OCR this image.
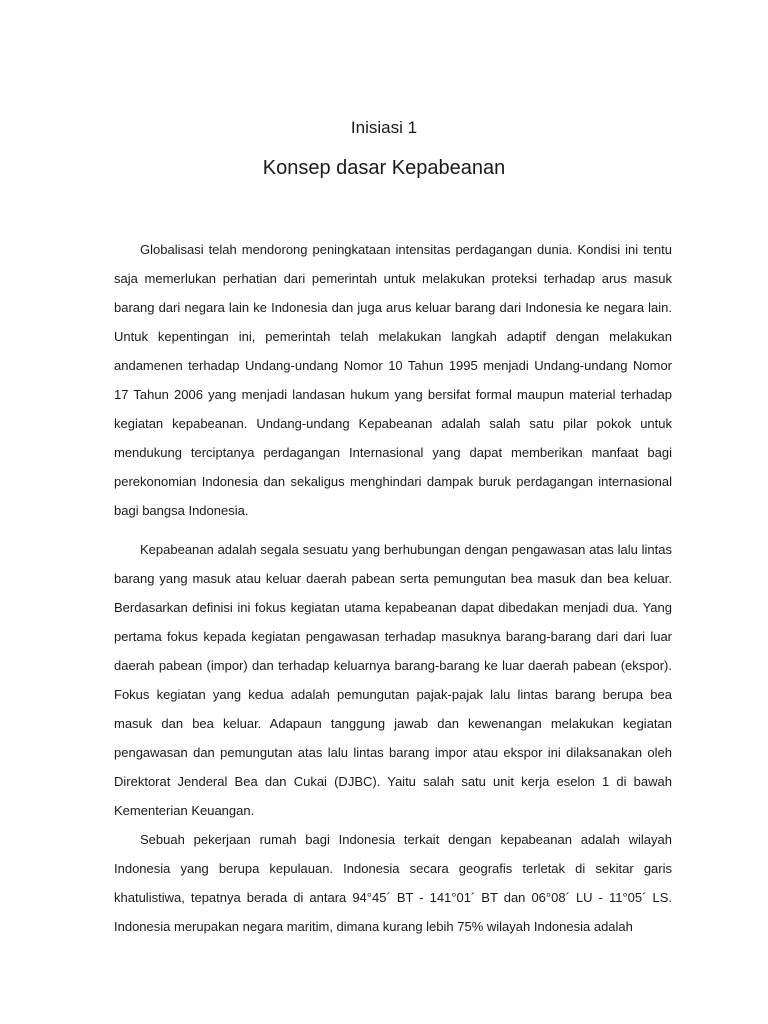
Inisiasi 1
Konsep dasar Kepabeanan

Globalisasi telah mendorong peningkataan intensitas perdagangan dunia. Kondisi ini tentu saja memerlukan perhatian dari pemerintah untuk melakukan proteksi terhadap arus masuk barang dari negara lain ke Indonesia dan juga arus keluar barang dari Indonesia ke negara lain. Untuk kepentingan ini, pemerintah telah melakukan langkah adaptif dengan melakukan andamenen terhadap Undang-undang Nomor 10 Tahun 1995 menjadi Undang-undang Nomor 17 Tahun 2006 yang menjadi landasan hukum yang bersifat formal maupun material terhadap kegiatan kepabeanan. Undang-undang Kepabeanan adalah salah satu pilar pokok untuk mendukung terciptanya perdagangan Internasional yang dapat memberikan manfaat bagi perekonomian Indonesia dan sekaligus menghindari dampak buruk perdagangan internasional bagi bangsa Indonesia.

Kepabeanan adalah segala sesuatu yang berhubungan dengan pengawasan atas lalu lintas barang yang masuk atau keluar daerah pabean serta pemungutan bea masuk dan bea keluar. Berdasarkan definisi ini fokus kegiatan utama kepabeanan dapat dibedakan menjadi dua. Yang pertama fokus kepada kegiatan pengawasan terhadap masuknya barang-barang dari dari luar daerah pabean (impor) dan terhadap keluarnya barang-barang ke luar daerah pabean (ekspor). Fokus kegiatan yang kedua adalah pemungutan pajak-pajak lalu lintas barang berupa bea masuk dan bea keluar. Adapaun tanggung jawab dan kewenangan melakukan kegiatan pengawasan dan pemungutan atas lalu lintas barang impor atau ekspor ini dilaksanakan oleh Direktorat Jenderal Bea dan Cukai (DJBC). Yaitu salah satu unit kerja eselon 1 di bawah Kementerian Keuangan.

Sebuah pekerjaan rumah bagi Indonesia terkait dengan kepabeanan adalah wilayah Indonesia yang berupa kepulauan. Indonesia secara geografis terletak di sekitar garis khatulistiwa, tepatnya berada di antara 94°45´ BT - 141°01´ BT dan 06°08´ LU - 11°05´ LS. Indonesia merupakan negara maritim, dimana kurang lebih 75% wilayah Indonesia adalah
